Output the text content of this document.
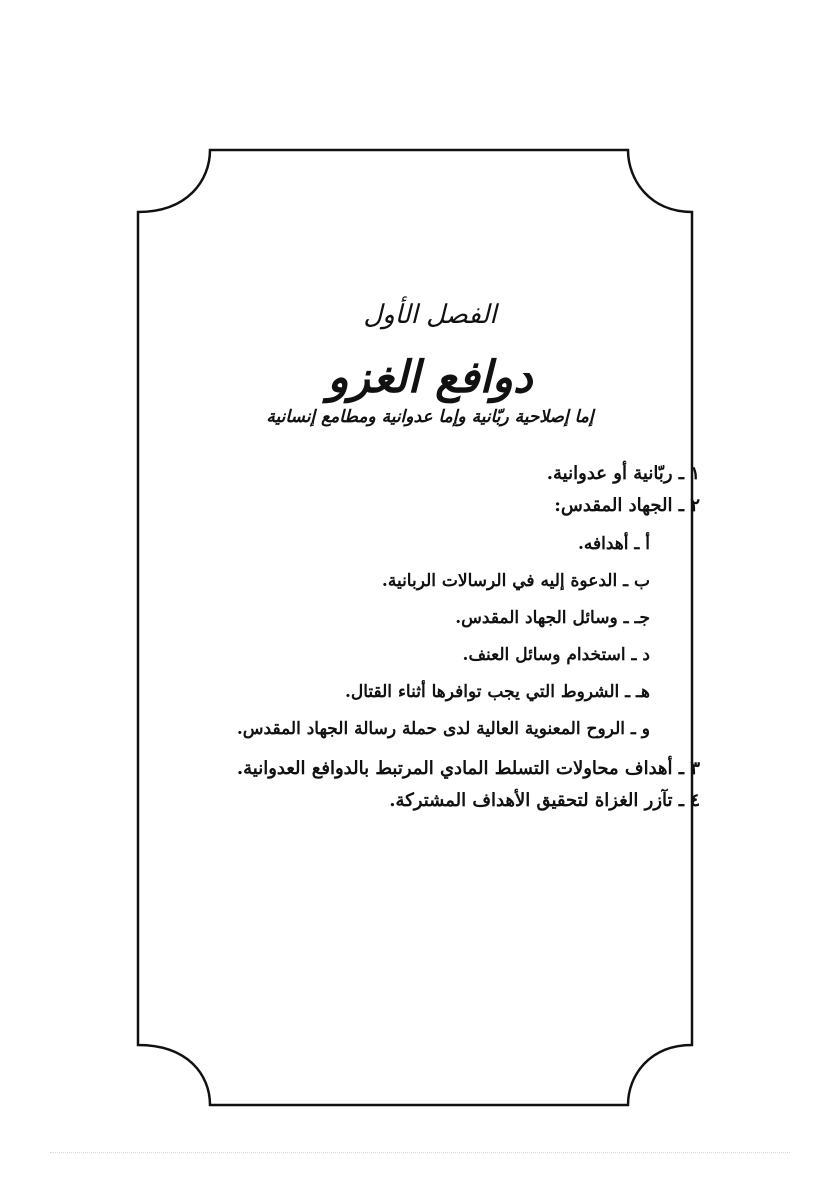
الفصل الأول
دوافع الغزو
إما إصلاحية ربّانية وإما عدوانية ومطامع إنسانية
١ ـ ربّانية أو عدوانية.
٢ ـ الجهاد المقدس:
أ ـ أهدافه.
ب ـ الدعوة إليه في الرسالات الربانية.
جـ ـ وسائل الجهاد المقدس.
د ـ استخدام وسائل العنف.
هـ ـ الشروط التي يجب توافرها أثناء القتال.
و ـ الروح المعنوية العالية لدى حملة رسالة الجهاد المقدس.
٣ ـ أهداف محاولات التسلط المادي المرتبط بالدوافع العدوانية.
٤ ـ تآزر الغزاة لتحقيق الأهداف المشتركة.
